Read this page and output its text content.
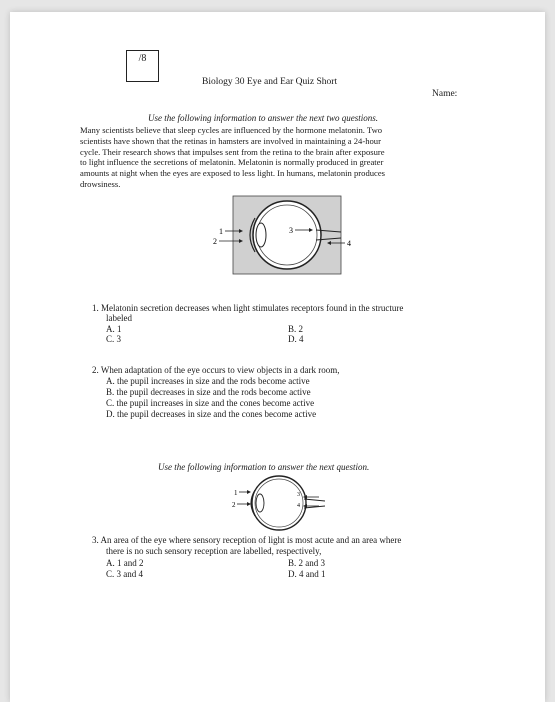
/8
Biology 30 Eye and Ear Quiz Short
Name:
Use the following information to answer the next two questions.
Many scientists believe that sleep cycles are influenced by the hormone melatonin. Two
scientists have shown that the retinas in hamsters are involved in maintaining a 24-hour
cycle. Their research shows that impulses sent from the retina to the brain after exposure
to light influence the secretions of melatonin. Melatonin is normally produced in greater
amounts at night when the eyes are exposed to less light. In humans, melatonin produces
drowsiness.
1
2
3
4
1. Melatonin secretion decreases when light stimulates receptors found in the structure
labeled
A. 1	B. 2
C. 3	D. 4
2. When adaptation of the eye occurs to view objects in a dark room,
A. the pupil increases in size and the rods become active
B. the pupil decreases in size and the rods become active
C. the pupil increases in size and the cones become active
D. the pupil decreases in size and the cones become active
Use the following information to answer the next question.
1
2
3
4
3. An area of the eye where sensory reception of light is most acute and an area where
there is no such sensory reception are labelled, respectively,
A. 1 and 2	B. 2 and 3
C. 3 and 4	D. 4 and 1
